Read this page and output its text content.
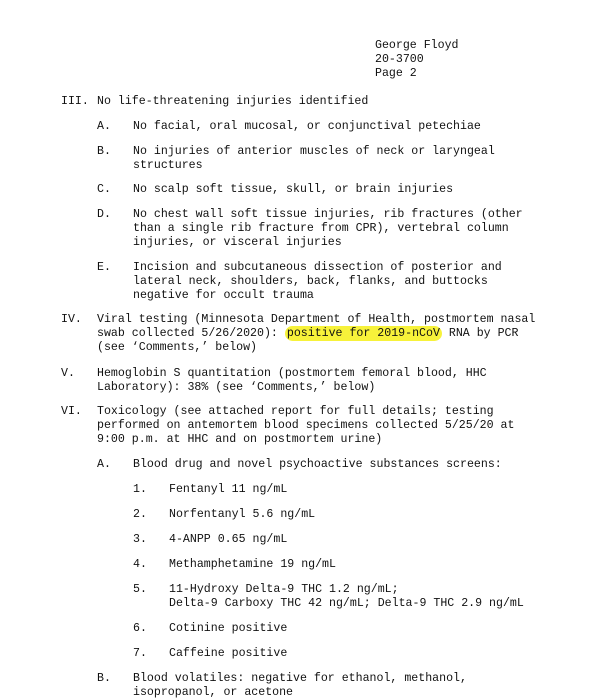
George Floyd
20-3700
Page 2
III. No life-threatening injuries identified
A. No facial, oral mucosal, or conjunctival petechiae
B. No injuries of anterior muscles of neck or laryngeal
structures
C. No scalp soft tissue, skull, or brain injuries
D. No chest wall soft tissue injuries, rib fractures (other
than a single rib fracture from CPR), vertebral column
injuries, or visceral injuries
E. Incision and subcutaneous dissection of posterior and
lateral neck, shoulders, back, flanks, and buttocks
negative for occult trauma
IV. Viral testing (Minnesota Department of Health, postmortem nasal
swab collected 5/26/2020): positive for 2019-nCoV RNA by PCR
(see ‘Comments,’ below)
V. Hemoglobin S quantitation (postmortem femoral blood, HHC
Laboratory): 38% (see ‘Comments,’ below)
VI. Toxicology (see attached report for full details; testing
performed on antemortem blood specimens collected 5/25/20 at
9:00 p.m. at HHC and on postmortem urine)
A. Blood drug and novel psychoactive substances screens:
1. Fentanyl 11 ng/mL
2. Norfentanyl 5.6 ng/mL
3. 4-ANPP 0.65 ng/mL
4. Methamphetamine 19 ng/mL
5. 11-Hydroxy Delta-9 THC 1.2 ng/mL;
Delta-9 Carboxy THC 42 ng/mL; Delta-9 THC 2.9 ng/mL
6. Cotinine positive
7. Caffeine positive
B. Blood volatiles: negative for ethanol, methanol,
isopropanol, or acetone
